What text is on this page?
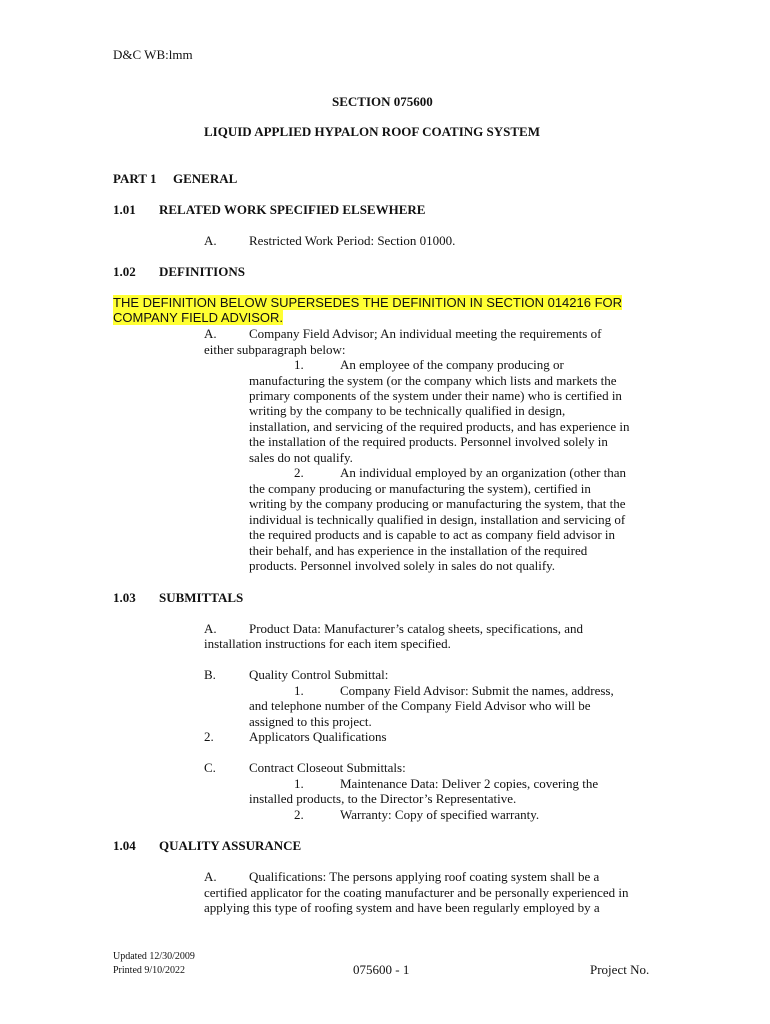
D&C WB:lmm
SECTION 075600
LIQUID APPLIED HYPALON ROOF COATING SYSTEM
PART 1 GENERAL
1.01 RELATED WORK SPECIFIED ELSEWHERE
A. Restricted Work Period: Section 01000.
1.02 DEFINITIONS
THE DEFINITION BELOW SUPERSEDES THE DEFINITION IN SECTION 014216 FOR
COMPANY FIELD ADVISOR.
A. Company Field Advisor; An individual meeting the requirements of
either subparagraph below:
1.	An employee of the company producing or
manufacturing the system (or the company which lists and markets the
primary components of the system under their name) who is certified in
writing by the company to be technically qualified in design,
installation, and servicing of the required products, and has experience in
the installation of the required products. Personnel involved solely in
sales do not qualify.
2.	An individual employed by an organization (other than
the company producing or manufacturing the system), certified in
writing by the company producing or manufacturing the system, that the
individual is technically qualified in design, installation and servicing of
the required products and is capable to act as company field advisor in
their behalf, and has experience in the installation of the required
products. Personnel involved solely in sales do not qualify.
1.03 SUBMITTALS
A. Product Data: Manufacturer’s catalog sheets, specifications, and
installation instructions for each item specified.
B.	Quality Control Submittal:
1.	Company Field Advisor: Submit the names, address,
and telephone number of the Company Field Advisor who will be
assigned to this project.
2.	Applicators Qualifications
C.	Contract Closeout Submittals:
1.	Maintenance Data: Deliver 2 copies, covering the
installed products, to the Director’s Representative.
2.	Warranty: Copy of specified warranty.
1.04 QUALITY ASSURANCE
A. Qualifications: The persons applying roof coating system shall be a
certified applicator for the coating manufacturer and be personally experienced in
applying this type of roofing system and have been regularly employed by a
Updated 12/30/2009
Printed 9/10/2022	075600 - 1	Project No.
